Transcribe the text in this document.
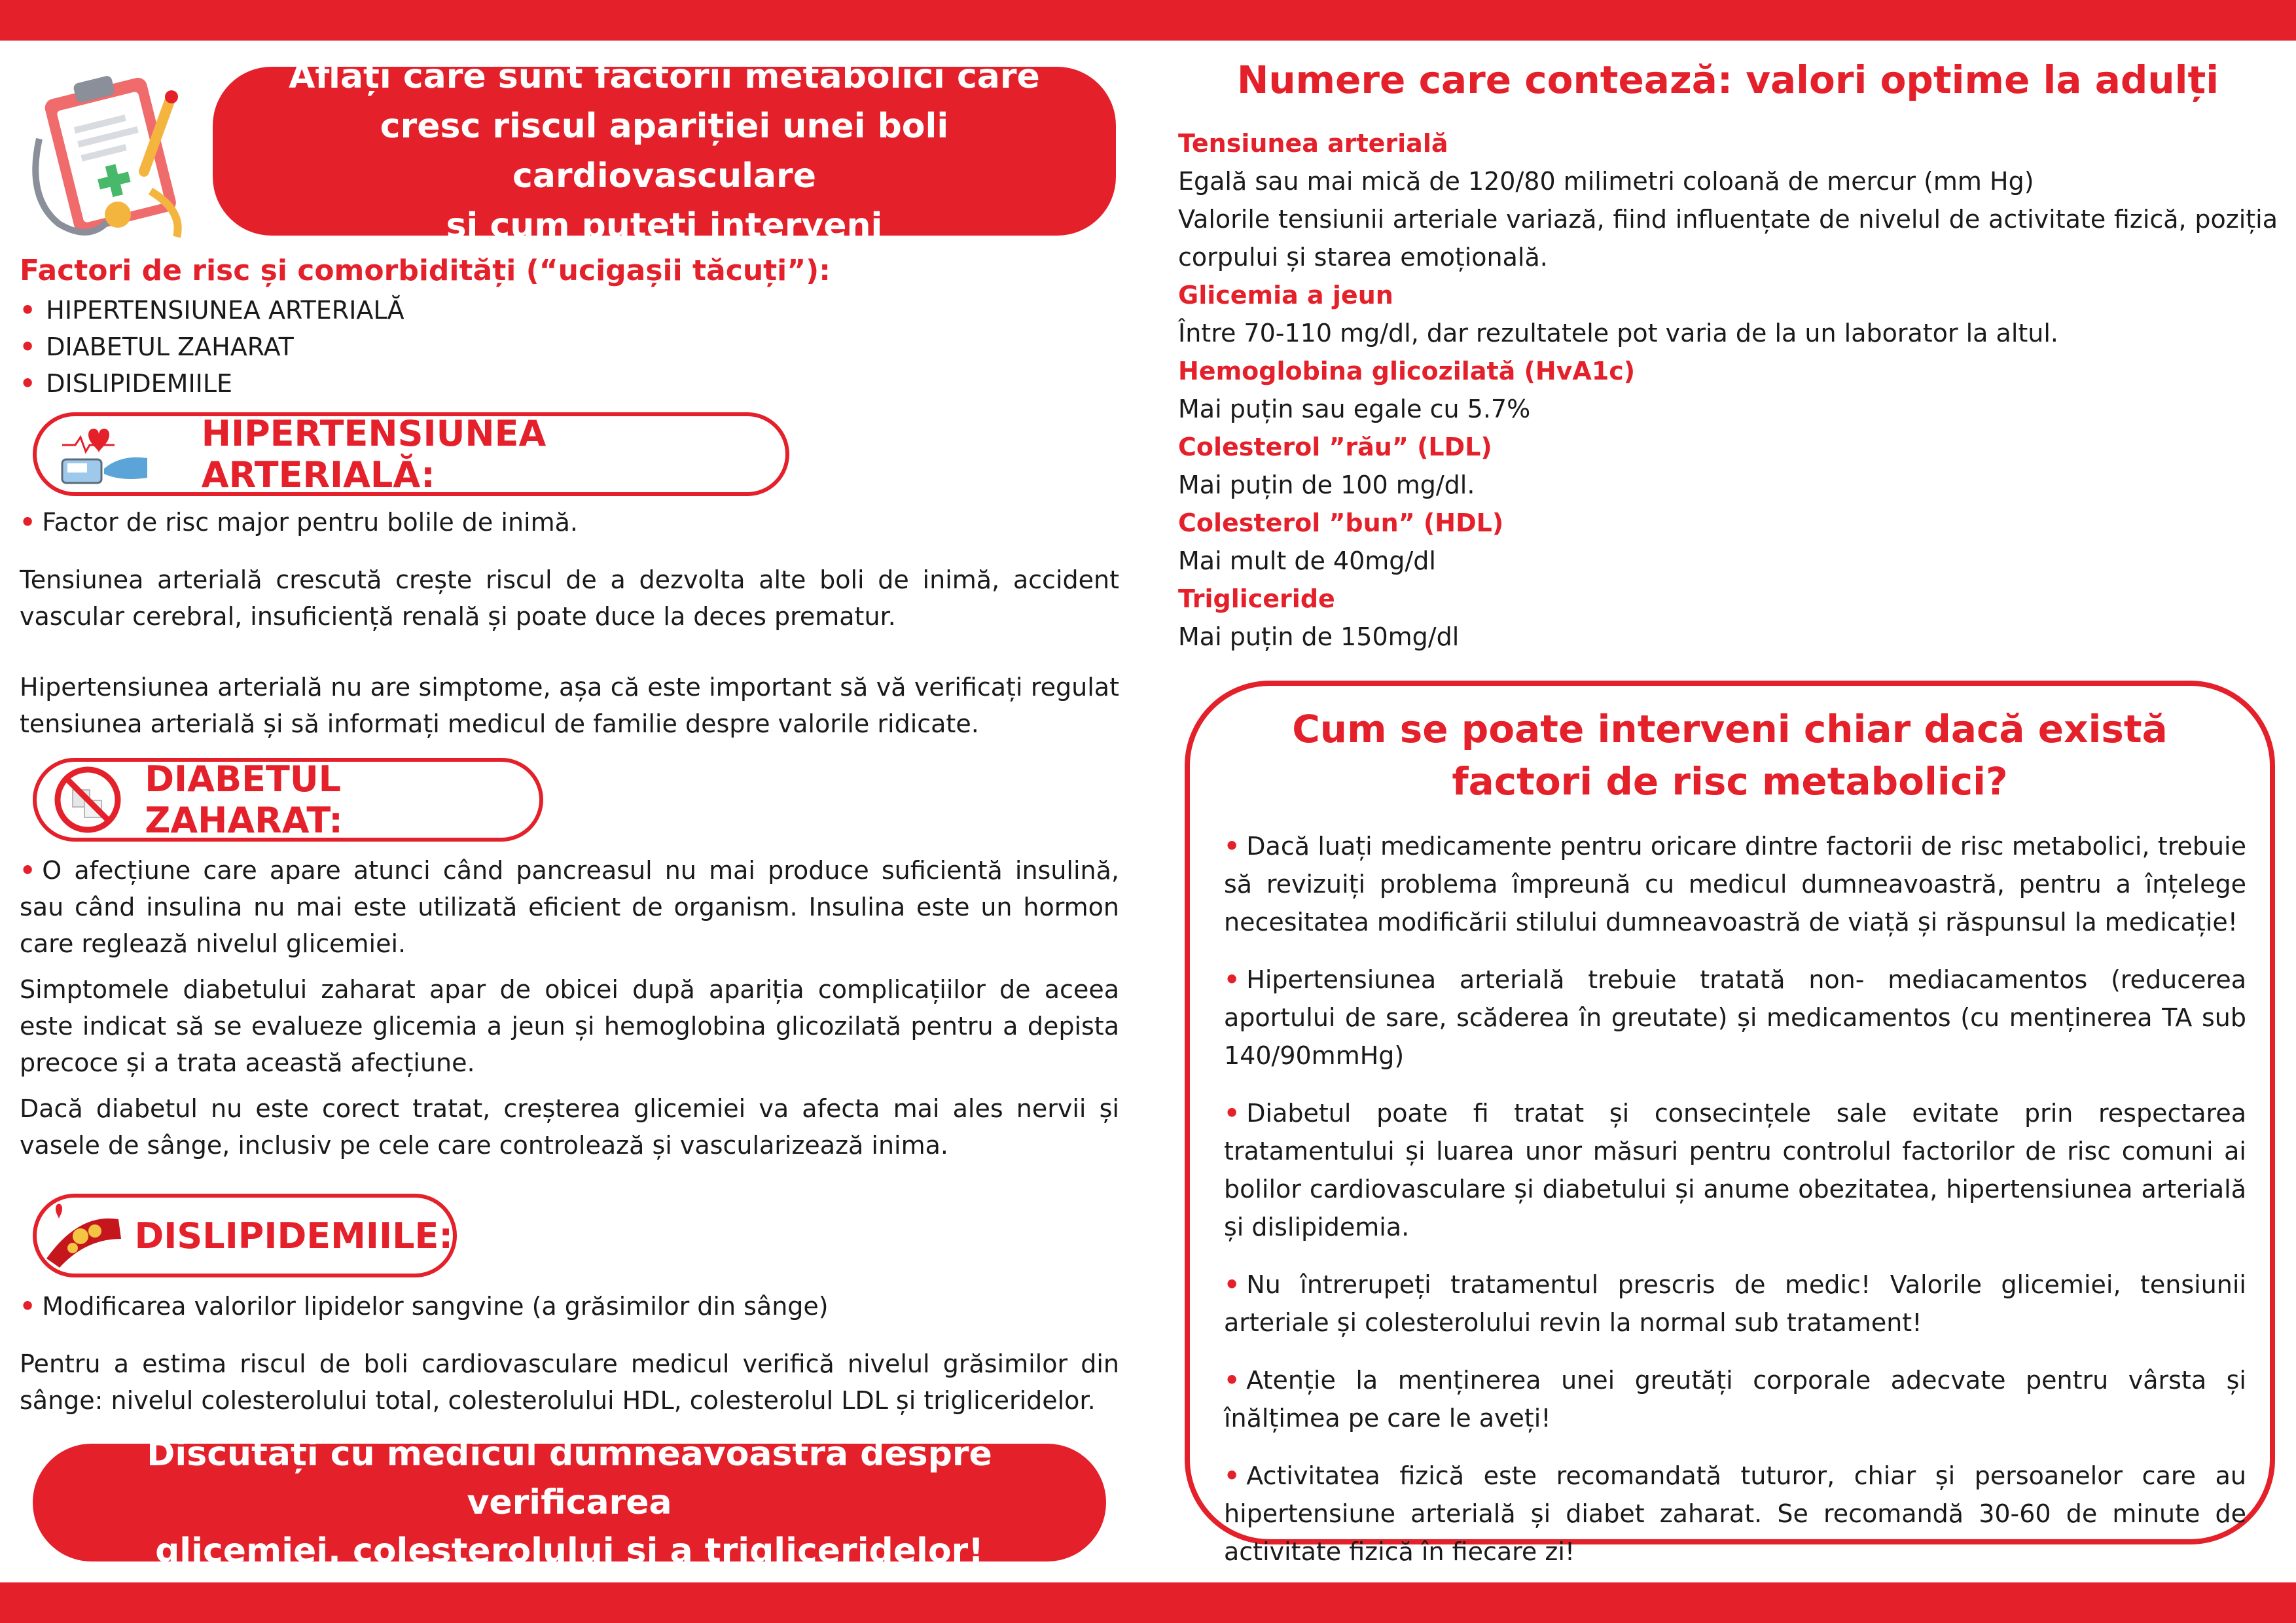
Aflați care sunt factorii metabolici care
cresc riscul apariției unei boli cardiovasculare
și cum puteți interveni
Factori de risc și comorbidități (“ucigașii tăcuți”):
• HIPERTENSIUNEA ARTERIALĂ
• DIABETUL ZAHARAT
• DISLIPIDEMIILE
HIPERTENSIUNEA ARTERIALĂ:
• Factor de risc major pentru bolile de inimă.
Tensiunea arterială crescută crește riscul de a dezvolta alte boli de inimă, accident vascular cerebral, insuficiență renală și poate duce la deces prematur.
Hipertensiunea arterială nu are simptome, așa că este important să vă verificați regulat tensiunea arterială și să informați medicul de familie despre valorile ridicate.
DIABETUL ZAHARAT:
• O afecțiune care apare atunci când pancreasul nu mai produce suficientă insulină, sau când insulina nu mai este utilizată eficient de organism. Insulina este un hormon care reglează nivelul glicemiei.
Simptomele diabetului zaharat apar de obicei după apariția complicațiilor de aceea este indicat să se evalueze glicemia a jeun și hemoglobina glicozilată pentru a depista precoce și a trata această afecțiune.
Dacă diabetul nu este corect tratat, creșterea glicemiei va afecta mai ales nervii și vasele de sânge, inclusiv pe cele care controlează și vascularizează inima.
DISLIPIDEMIILE:
• Modificarea valorilor lipidelor sangvine (a grăsimilor din sânge)
Pentru a estima riscul de boli cardiovasculare medicul verifică nivelul grăsimilor din sânge: nivelul colesterolului total, colesterolului HDL, colesterolul LDL și trigliceridelor.
Discutați cu medicul dumneavoastră despre verificarea
glicemiei, colesterolului și a trigliceridelor!
Numere care contează: valori optime la adulți
Tensiunea arterială
Egală sau mai mică de 120/80 milimetri coloană de mercur (mm Hg)
Valorile tensiunii arteriale variază, fiind influențate de nivelul de activitate fizică, poziția corpului și starea emoțională.
Glicemia a jeun
Între 70-110 mg/dl, dar rezultatele pot varia de la un laborator la altul.
Hemoglobina glicozilată (HvA1c)
Mai puțin sau egale cu 5.7%
Colesterol ”rău” (LDL)
Mai puțin de 100 mg/dl.
Colesterol ”bun” (HDL)
Mai mult de 40mg/dl
Trigliceride
Mai puțin de 150mg/dl
Cum se poate interveni chiar dacă există
factori de risc metabolici?

• Dacă luați medicamente pentru oricare dintre factorii de risc metabolici, trebuie să revizuiți problema împreună cu medicul dumneavoastră, pentru a înțelege necesitatea modificării stilului dumneavoastră de viață și răspunsul la medicație!

• Hipertensiunea arterială trebuie tratată non- mediacamentos (reducerea aportului de sare, scăderea în greutate) și medicamentos (cu menținerea TA sub 140/90mmHg)

• Diabetul poate fi tratat și consecințele sale evitate prin respectarea tratamentului și luarea unor măsuri pentru controlul factorilor de risc comuni ai bolilor cardiovasculare și diabetului și anume obezitatea, hipertensiunea arterială și dislipidemia.

• Nu întrerupeți tratamentul prescris de medic! Valorile glicemiei, tensiunii arteriale și colesterolului revin la normal sub tratament!

• Atenție la menținerea unei greutăți corporale adecvate pentru vârsta și înălțimea pe care le aveți!

• Activitatea fizică este recomandată tuturor, chiar și persoanelor care au hipertensiune arterială și diabet zaharat. Se recomandă 30-60 de minute de activitate fizică în fiecare zi!
